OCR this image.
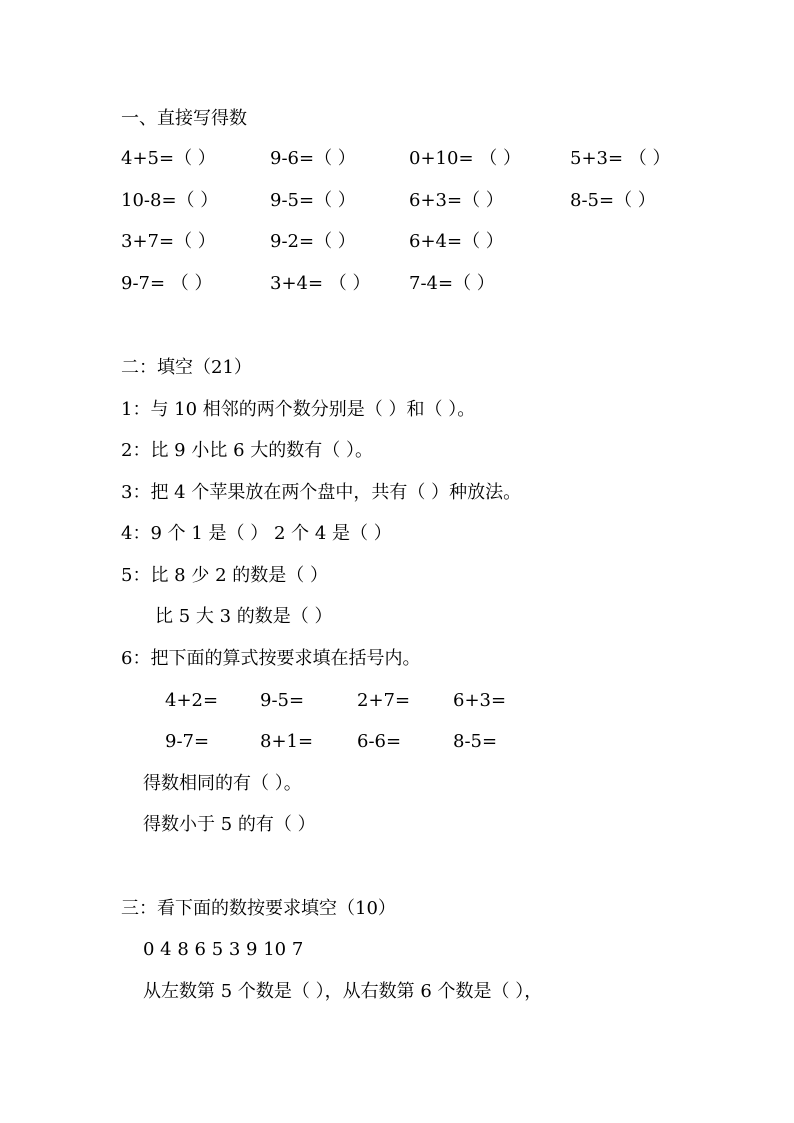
一、直接写得数
4+5=（ ）	9-6=（ ）	0+10= （ ）	5+3= （ ）
10-8=（ ）	9-5=（ ）	6+3=（ ）	8-5=（ ）
3+7=（ ）	9-2=（ ）	6+4=（ ）
9-7= （ ）	3+4= （ ） 7-4=（ ）
二：填空（21）
1：与 10 相邻的两个数分别是（ ）和（ ）。
2：比 9 小比 6 大的数有（ ）。
3：把 4 个苹果放在两个盘中，共有（ ）种放法。
4：9 个 1 是（ ） 2 个 4 是（ ）
5：比 8 少 2 的数是（ ）
比 5 大 3 的数是（ ）
6：把下面的算式按要求填在括号内。
4+2= 9-5=	2+7= 6+3=
9-7=	8+1= 6-6=	8-5=
得数相同的有（ ）。
得数小于 5 的有（ ）
三：看下面的数按要求填空（10）
0 4 8 6 5 3 9 10 7
从左数第 5 个数是（ ），从右数第 6 个数是（ ），
